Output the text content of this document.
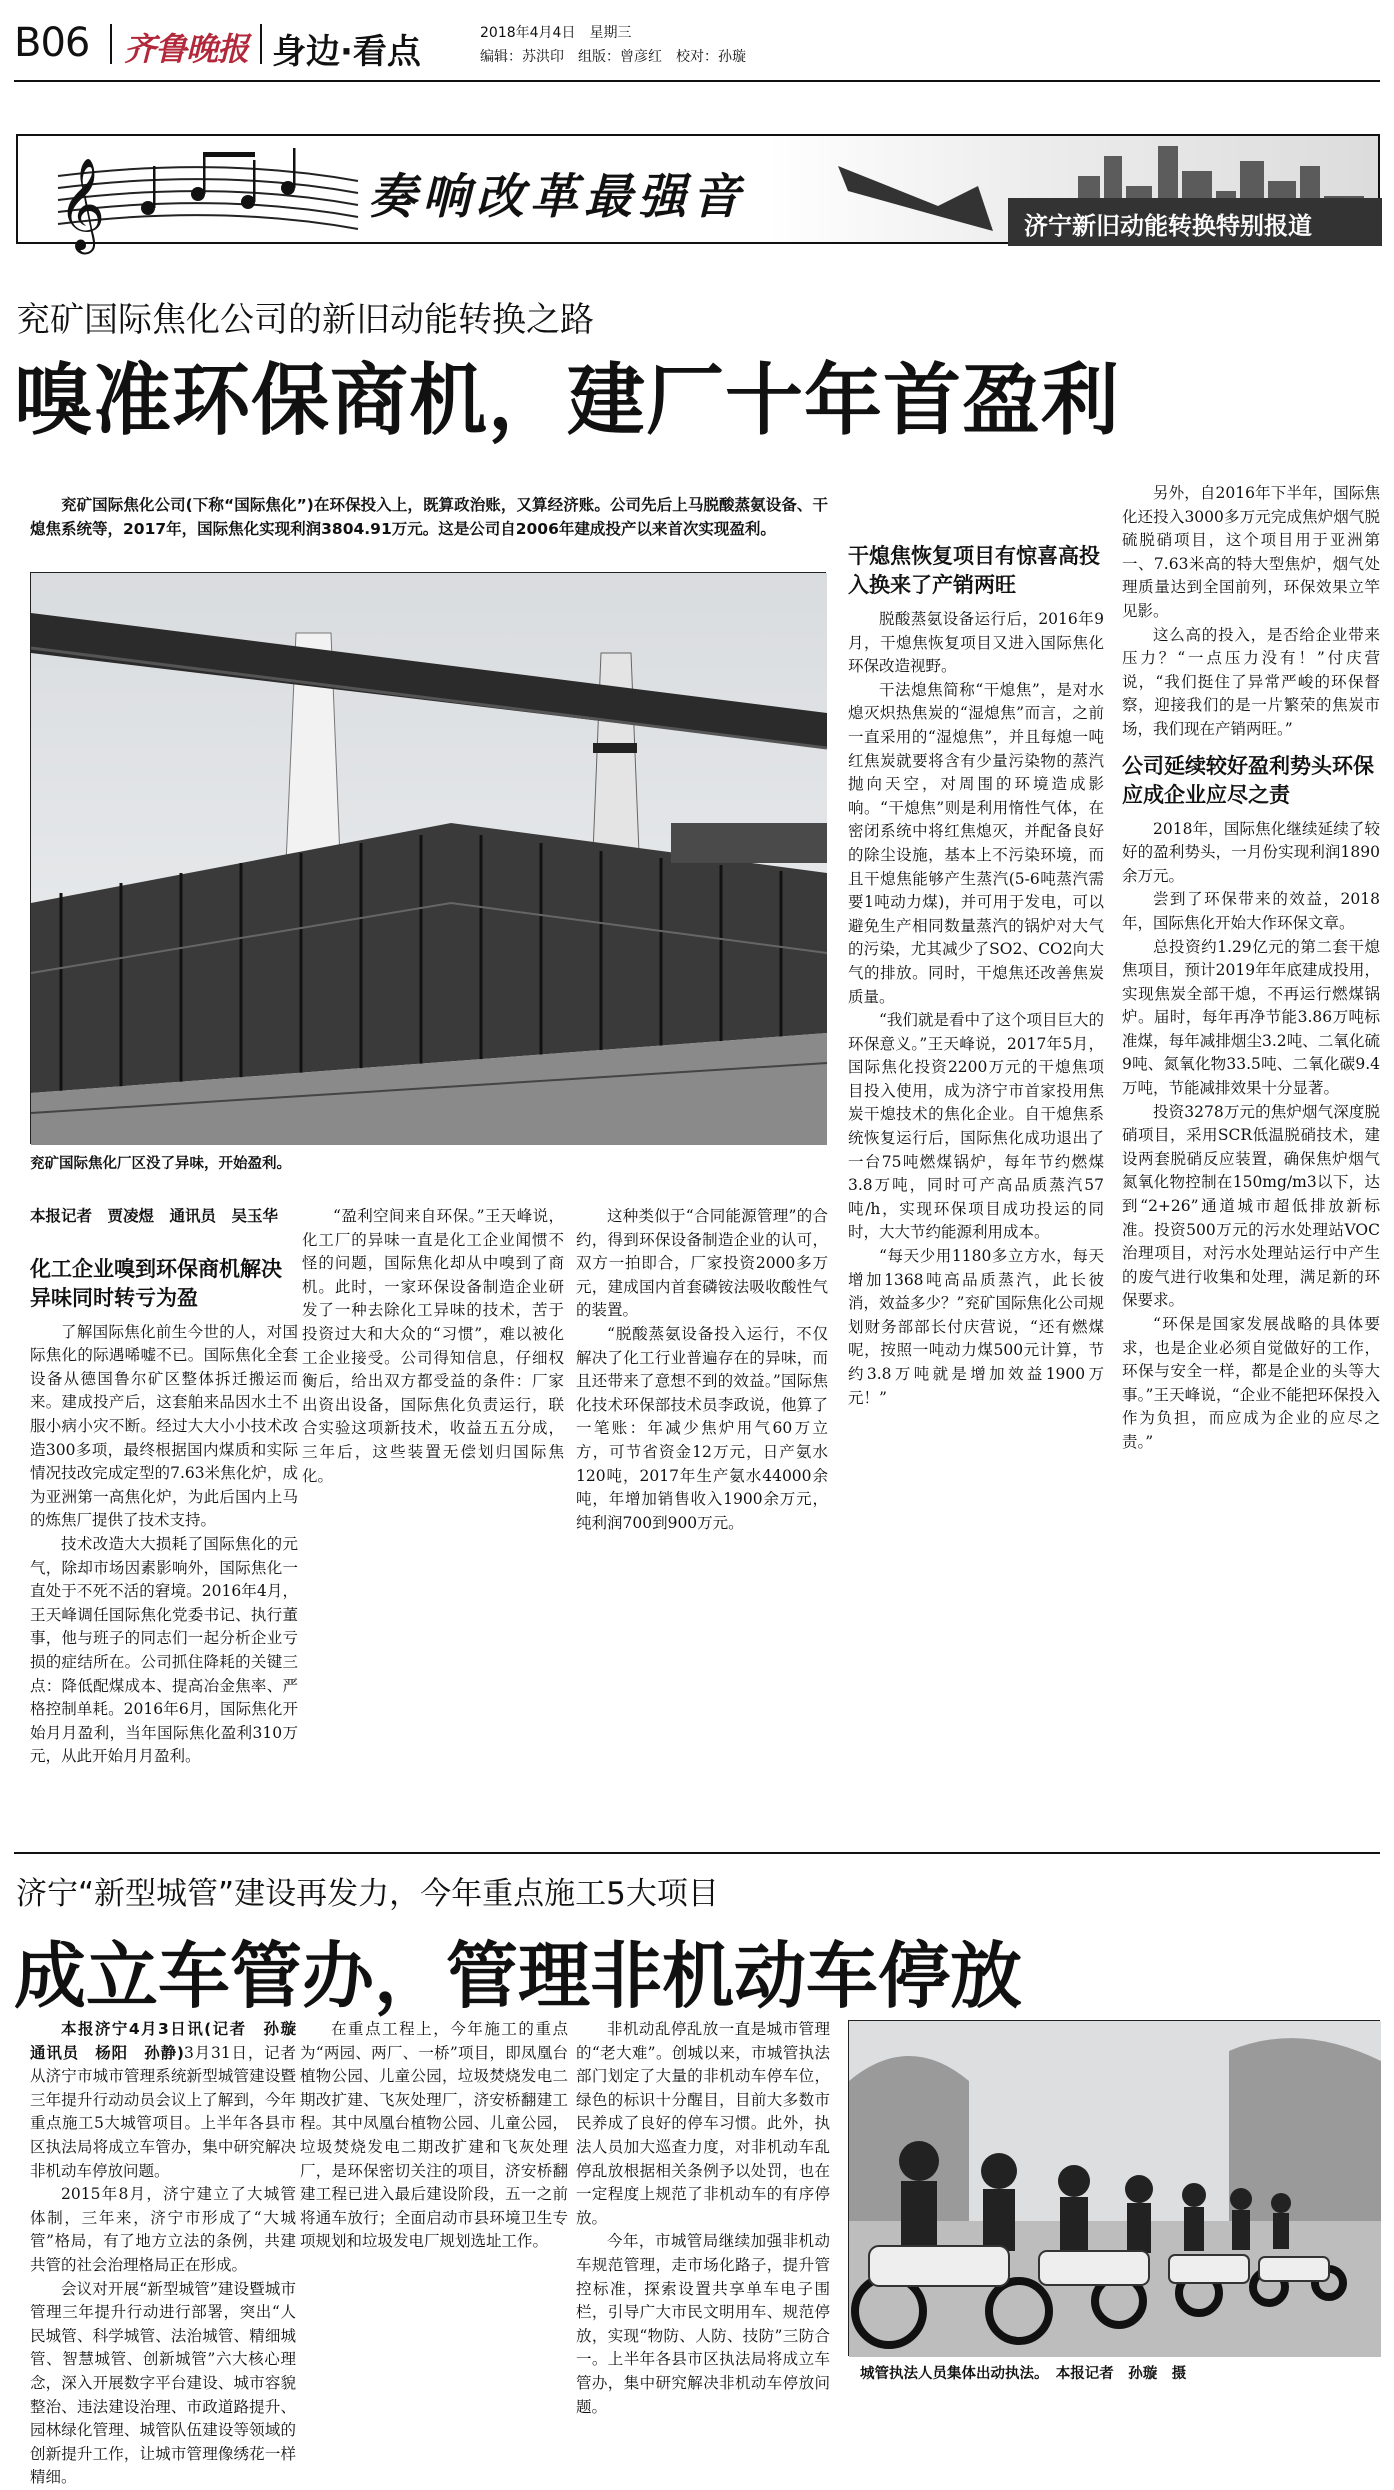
B06 齐鲁晚报 身边·看点	2018年4月4日　星期三
编辑：苏洪印　组版：曾彦红　校对：孙璇
𝄞	奏响改革最强音
济宁新旧动能转换特别报道
兖矿国际焦化公司的新旧动能转换之路
嗅准环保商机，建厂十年首盈利

兖矿国际焦化公司(下称“国际焦化”)在环保投入上，既算政治账，又算经济账。公司先后上马脱酸蒸氨设备、干熄焦系统等，2017年，国际焦化实现利润3804.91万元。这是公司自2006年建成投产以来首次实现盈利。

兖矿国际焦化厂区没了异味，开始盈利。

本报记者　贾凌煜　通讯员　吴玉华

化工企业嗅到环保商机解决异味同时转亏为盈

了解国际焦化前生今世的人，对国际焦化的际遇唏嘘不已。国际焦化全套设备从德国鲁尔矿区整体拆迁搬运而来。建成投产后，这套舶来品因水土不服小病小灾不断。经过大大小小技术改造300多项，最终根据国内煤质和实际情况技改完成定型的7.63米焦化炉，成为亚洲第一高焦化炉，为此后国内上马的炼焦厂提供了技术支持。

技术改造大大损耗了国际焦化的元气，除却市场因素影响外，国际焦化一直处于不死不活的窘境。2016年4月，王天峰调任国际焦化党委书记、执行董事，他与班子的同志们一起分析企业亏损的症结所在。公司抓住降耗的关键三点：降低配煤成本、提高冶金焦率、严格控制单耗。2016年6月，国际焦化开始月月盈利，当年国际焦化盈利310万元，从此开始月月盈利。

“盈利空间来自环保。”王天峰说，化工厂的异味一直是化工企业闻惯不怪的问题，国际焦化却从中嗅到了商机。此时，一家环保设备制造企业研发了一种去除化工异味的技术，苦于投资过大和大众的“习惯”，难以被化工企业接受。公司得知信息，仔细权衡后，给出双方都受益的条件：厂家出资出设备，国际焦化负责运行，联合实验这项新技术，收益五五分成，三年后，这些装置无偿划归国际焦化。

这种类似于“合同能源管理”的合约，得到环保设备制造企业的认可，双方一拍即合，厂家投资2000多万元，建成国内首套磷铵法吸收酸性气的装置。

“脱酸蒸氨设备投入运行，不仅解决了化工行业普遍存在的异味，而且还带来了意想不到的效益。”国际焦化技术环保部技术员李政说，他算了一笔账：年减少焦炉用气60万立方，可节省资金12万元，日产氨水120吨，2017年生产氨水44000余吨，年增加销售收入1900余万元，纯利润700到900万元。

干熄焦恢复项目有惊喜高投入换来了产销两旺

脱酸蒸氨设备运行后，2016年9月，干熄焦恢复项目又进入国际焦化环保改造视野。

干法熄焦简称“干熄焦”，是对水熄灭炽热焦炭的“湿熄焦”而言，之前一直采用的“湿熄焦”，并且每熄一吨红焦炭就要将含有少量污染物的蒸汽抛向天空，对周围的环境造成影响。“干熄焦”则是利用惰性气体，在密闭系统中将红焦熄灭，并配备良好的除尘设施，基本上不污染环境，而且干熄焦能够产生蒸汽(5-6吨蒸汽需要1吨动力煤)，并可用于发电，可以避免生产相同数量蒸汽的锅炉对大气的污染，尤其减少了SO2、CO2向大气的排放。同时，干熄焦还改善焦炭质量。

“我们就是看中了这个项目巨大的环保意义。”王天峰说，2017年5月，国际焦化投资2200万元的干熄焦项目投入使用，成为济宁市首家投用焦炭干熄技术的焦化企业。自干熄焦系统恢复运行后，国际焦化成功退出了一台75吨燃煤锅炉，每年节约燃煤3.8万吨，同时可产高品质蒸汽57吨/h，实现环保项目成功投运的同时，大大节约能源利用成本。

“每天少用1180多立方水，每天增加1368吨高品质蒸汽，此长彼消，效益多少？”兖矿国际焦化公司规划财务部部长付庆营说，“还有燃煤呢，按照一吨动力煤500元计算，节约3.8万吨就是增加效益1900万元！”

另外，自2016年下半年，国际焦化还投入3000多万元完成焦炉烟气脱硫脱硝项目，这个项目用于亚洲第一、7.63米高的特大型焦炉，烟气处理质量达到全国前列，环保效果立竿见影。

这么高的投入，是否给企业带来压力？“一点压力没有！”付庆营说，“我们挺住了异常严峻的环保督察，迎接我们的是一片繁荣的焦炭市场，我们现在产销两旺。”

公司延续较好盈利势头环保应成企业应尽之责

2018年，国际焦化继续延续了较好的盈利势头，一月份实现利润1890余万元。

尝到了环保带来的效益，2018年，国际焦化开始大作环保文章。

总投资约1.29亿元的第二套干熄焦项目，预计2019年年底建成投用，实现焦炭全部干熄，不再运行燃煤锅炉。届时，每年再净节能3.86万吨标准煤，每年减排烟尘3.2吨、二氧化硫9吨、氮氧化物33.5吨、二氧化碳9.4万吨，节能减排效果十分显著。

投资3278万元的焦炉烟气深度脱硝项目，采用SCR低温脱硝技术，建设两套脱硝反应装置，确保焦炉烟气氮氧化物控制在150mg/m3以下，达到“2+26”通道城市超低排放新标准。投资500万元的污水处理站VOC治理项目，对污水处理站运行中产生的废气进行收集和处理，满足新的环保要求。

“环保是国家发展战略的具体要求，也是企业必须自觉做好的工作，环保与安全一样，都是企业的头等大事。”王天峰说，“企业不能把环保投入作为负担，而应成为企业的应尽之责。”

济宁“新型城管”建设再发力，今年重点施工5大项目
成立车管办，管理非机动车停放

本报济宁4月3日讯(记者　孙璇　通讯员　杨阳　孙静)3月31日，记者从济宁市城市管理系统新型城管建设暨三年提升行动动员会议上了解到，今年重点施工5大城管项目。上半年各县市区执法局将成立车管办，集中研究解决非机动车停放问题。

2015年8月，济宁建立了大城管体制，三年来，济宁市形成了“大城管”格局，有了地方立法的条例，共建共管的社会治理格局正在形成。

会议对开展“新型城管”建设暨城市管理三年提升行动进行部署，突出“人民城管、科学城管、法治城管、精细城管、智慧城管、创新城管”六大核心理念，深入开展数字平台建设、城市容貌整治、违法建设治理、市政道路提升、园林绿化管理、城管队伍建设等领域的创新提升工作，让城市管理像绣花一样精细。

在重点工程上，今年施工的重点为“两园、两厂、一桥”项目，即凤凰台植物公园、儿童公园，垃圾焚烧发电二期改扩建、飞灰处理厂，济安桥翻建工程。其中凤凰台植物公园、儿童公园，垃圾焚烧发电二期改扩建和飞灰处理厂，是环保密切关注的项目，济安桥翻建工程已进入最后建设阶段，五一之前将通车放行；全面启动市县环境卫生专项规划和垃圾发电厂规划选址工作。

非机动乱停乱放一直是城市管理的“老大难”。创城以来，市城管执法部门划定了大量的非机动车停车位，绿色的标识十分醒目，目前大多数市民养成了良好的停车习惯。此外，执法人员加大巡查力度，对非机动车乱停乱放根据相关条例予以处罚，也在一定程度上规范了非机动车的有序停放。

今年，市城管局继续加强非机动车规范管理，走市场化路子，提升管控标准，探索设置共享单车电子围栏，引导广大市民文明用车、规范停放，实现“物防、人防、技防”三防合一。上半年各县市区执法局将成立车管办，集中研究解决非机动车停放问题。

城管执法人员集体出动执法。　本报记者　孙璇　摄
